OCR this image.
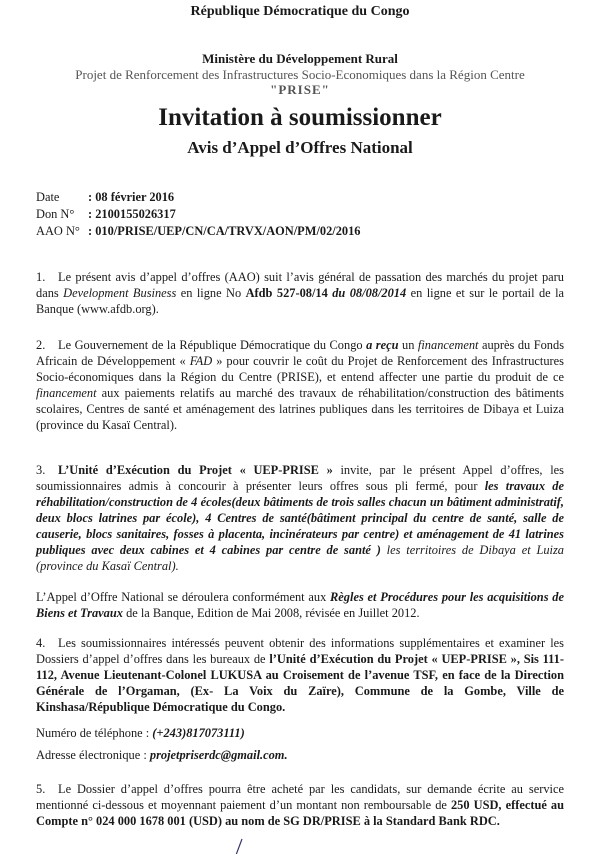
République Démocratique du Congo
Ministère du Développement Rural
Projet de Renforcement des Infrastructures Socio-Economiques dans la Région Centre
"PRISE"
Invitation à soumissionner
Avis d’Appel d’Offres National
Date : 08 février 2016
Don N° : 2100155026317
AAO N° : 010/PRISE/UEP/CN/CA/TRVX/AON/PM/02/2016
1. Le présent avis d’appel d’offres (AAO) suit l’avis général de passation des marchés du projet paru dans Development Business en ligne No Afdb 527-08/14 du 08/08/2014 en ligne et sur le portail de la Banque (www.afdb.org).
2. Le Gouvernement de la République Démocratique du Congo a reçu un financement auprès du Fonds Africain de Développement « FAD » pour couvrir le coût du Projet de Renforcement des Infrastructures Socio-économiques dans la Région du Centre (PRISE), et entend affecter une partie du produit de ce financement aux paiements relatifs au marché des travaux de réhabilitation/construction des bâtiments scolaires, Centres de santé et aménagement des latrines publiques dans les territoires de Dibaya et Luiza (province du Kasaï Central).
3. L’Unité d’Exécution du Projet « UEP-PRISE » invite, par le présent Appel d’offres, les soumissionnaires admis à concourir à présenter leurs offres sous pli fermé, pour les travaux de réhabilitation/construction de 4 écoles(deux bâtiments de trois salles chacun un bâtiment administratif, deux blocs latrines par école), 4 Centres de santé(bâtiment principal du centre de santé, salle de causerie, blocs sanitaires, fosses à placenta, incinérateurs par centre) et aménagement de 41 latrines publiques avec deux cabines et 4 cabines par centre de santé ) les territoires de Dibaya et Luiza (province du Kasaï Central).
L’Appel d’Offre National se déroulera conformément aux Règles et Procédures pour les acquisitions de Biens et Travaux de la Banque, Edition de Mai 2008, révisée en Juillet 2012.
4. Les soumissionnaires intéressés peuvent obtenir des informations supplémentaires et examiner les Dossiers d’appel d’offres dans les bureaux de l’Unité d’Exécution du Projet « UEP-PRISE », Sis 111-112, Avenue Lieutenant-Colonel LUKUSA au Croisement de l’avenue TSF, en face de la Direction Générale de l’Orgaman, (Ex- La Voix du Zaïre), Commune de la Gombe, Ville de Kinshasa/République Démocratique du Congo.
Numéro de téléphone : (+243)817073111)
Adresse électronique : projetpriserdc@gmail.com.
5. Le Dossier d’appel d’offres pourra être acheté par les candidats, sur demande écrite au service mentionné ci-dessous et moyennant paiement d’un montant non remboursable de 250 USD, effectué au Compte n° 024 000 1678 001 (USD) au nom de SG DR/PRISE à la Standard Bank RDC.
